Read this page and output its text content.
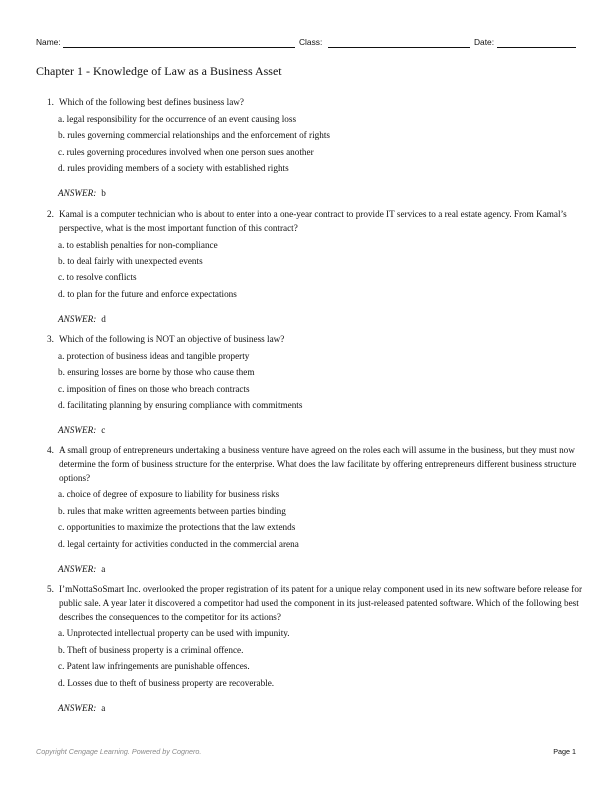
Name:	Class:	Date:
Chapter 1 - Knowledge of Law as a Business Asset
1. Which of the following best defines business law?
a. legal responsibility for the occurrence of an event causing loss
b. rules governing commercial relationships and the enforcement of rights
c. rules governing procedures involved when one person sues another
d. rules providing members of a society with established rights
ANSWER: b
2. Kamal is a computer technician who is about to enter into a one-year contract to provide IT services to a real estate agency. From Kamal’s perspective, what is the most important function of this contract?
a. to establish penalties for non-compliance
b. to deal fairly with unexpected events
c. to resolve conflicts
d. to plan for the future and enforce expectations
ANSWER: d
3. Which of the following is NOT an objective of business law?
a. protection of business ideas and tangible property
b. ensuring losses are borne by those who cause them
c. imposition of fines on those who breach contracts
d. facilitating planning by ensuring compliance with commitments
ANSWER: c
4. A small group of entrepreneurs undertaking a business venture have agreed on the roles each will assume in the business, but they must now determine the form of business structure for the enterprise. What does the law facilitate by offering entrepreneurs different business structure options?
a. choice of degree of exposure to liability for business risks
b. rules that make written agreements between parties binding
c. opportunities to maximize the protections that the law extends
d. legal certainty for activities conducted in the commercial arena
ANSWER: a
5. I’mNottaSoSmart Inc. overlooked the proper registration of its patent for a unique relay component used in its new software before release for public sale. A year later it discovered a competitor had used the component in its just-released patented software. Which of the following best describes the consequences to the competitor for its actions?
a. Unprotected intellectual property can be used with impunity.
b. Theft of business property is a criminal offence.
c. Patent law infringements are punishable offences.
d. Losses due to theft of business property are recoverable.
ANSWER: a
Copyright Cengage Learning. Powered by Cognero.	Page 1
